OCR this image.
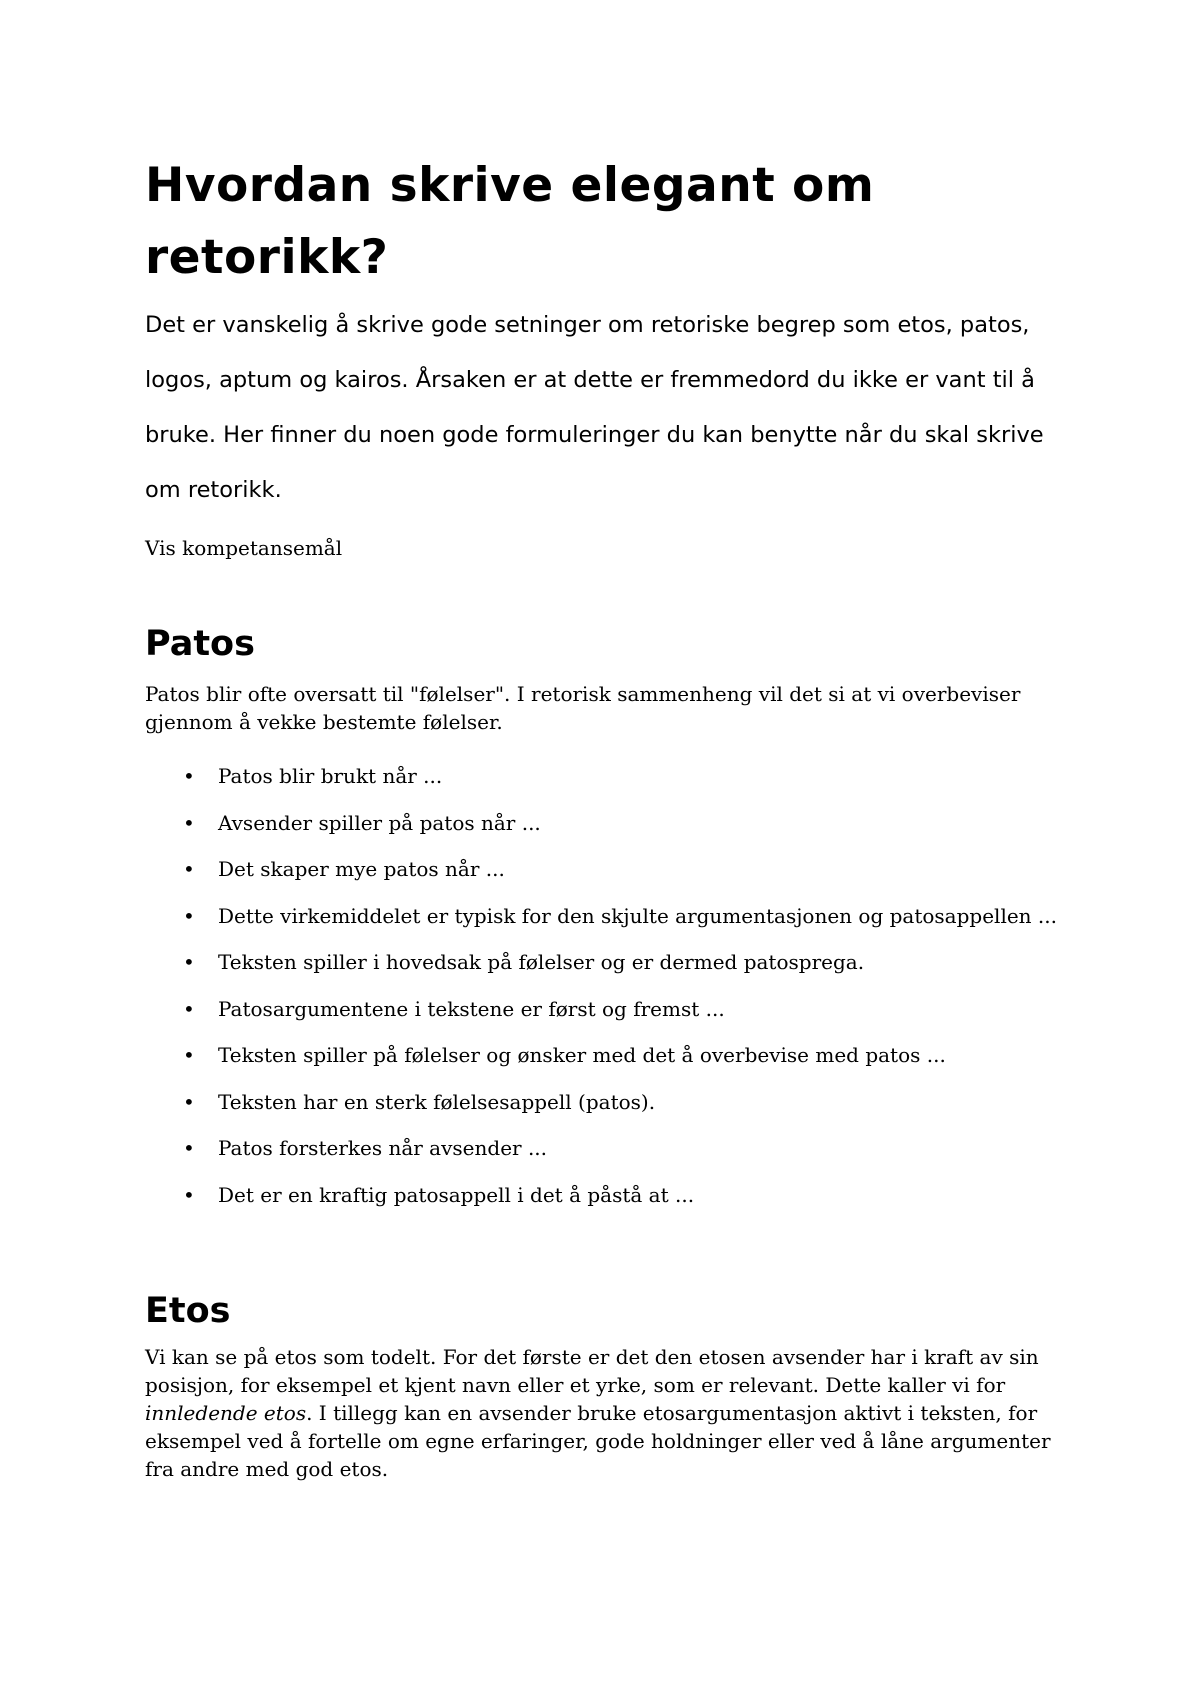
Hvordan skrive elegant om retorikk?

Det er vanskelig å skrive gode setninger om retoriske begrep som etos, patos, logos, aptum og kairos. Årsaken er at dette er fremmedord du ikke er vant til å bruke. Her finner du noen gode formuleringer du kan benytte når du skal skrive om retorikk.

Vis kompetansemål

Patos

Patos blir ofte oversatt til "følelser". I retorisk sammenheng vil det si at vi overbeviser gjennom å vekke bestemte følelser.

• Patos blir brukt når ...
• Avsender spiller på patos når ...
• Det skaper mye patos når ...
• Dette virkemiddelet er typisk for den skjulte argumentasjonen og patosappellen ...
• Teksten spiller i hovedsak på følelser og er dermed patosprega.
• Patosargumentene i tekstene er først og fremst ...
• Teksten spiller på følelser og ønsker med det å overbevise med patos ...
• Teksten har en sterk følelsesappell (patos).
• Patos forsterkes når avsender ...
• Det er en kraftig patosappell i det å påstå at ...
Etos

Vi kan se på etos som todelt. For det første er det den etosen avsender har i kraft av sin posisjon, for eksempel et kjent navn eller et yrke, som er relevant. Dette kaller vi for innledende etos. I tillegg kan en avsender bruke etosargumentasjon aktivt i teksten, for eksempel ved å fortelle om egne erfaringer, gode holdninger eller ved å låne argumenter fra andre med god etos.
